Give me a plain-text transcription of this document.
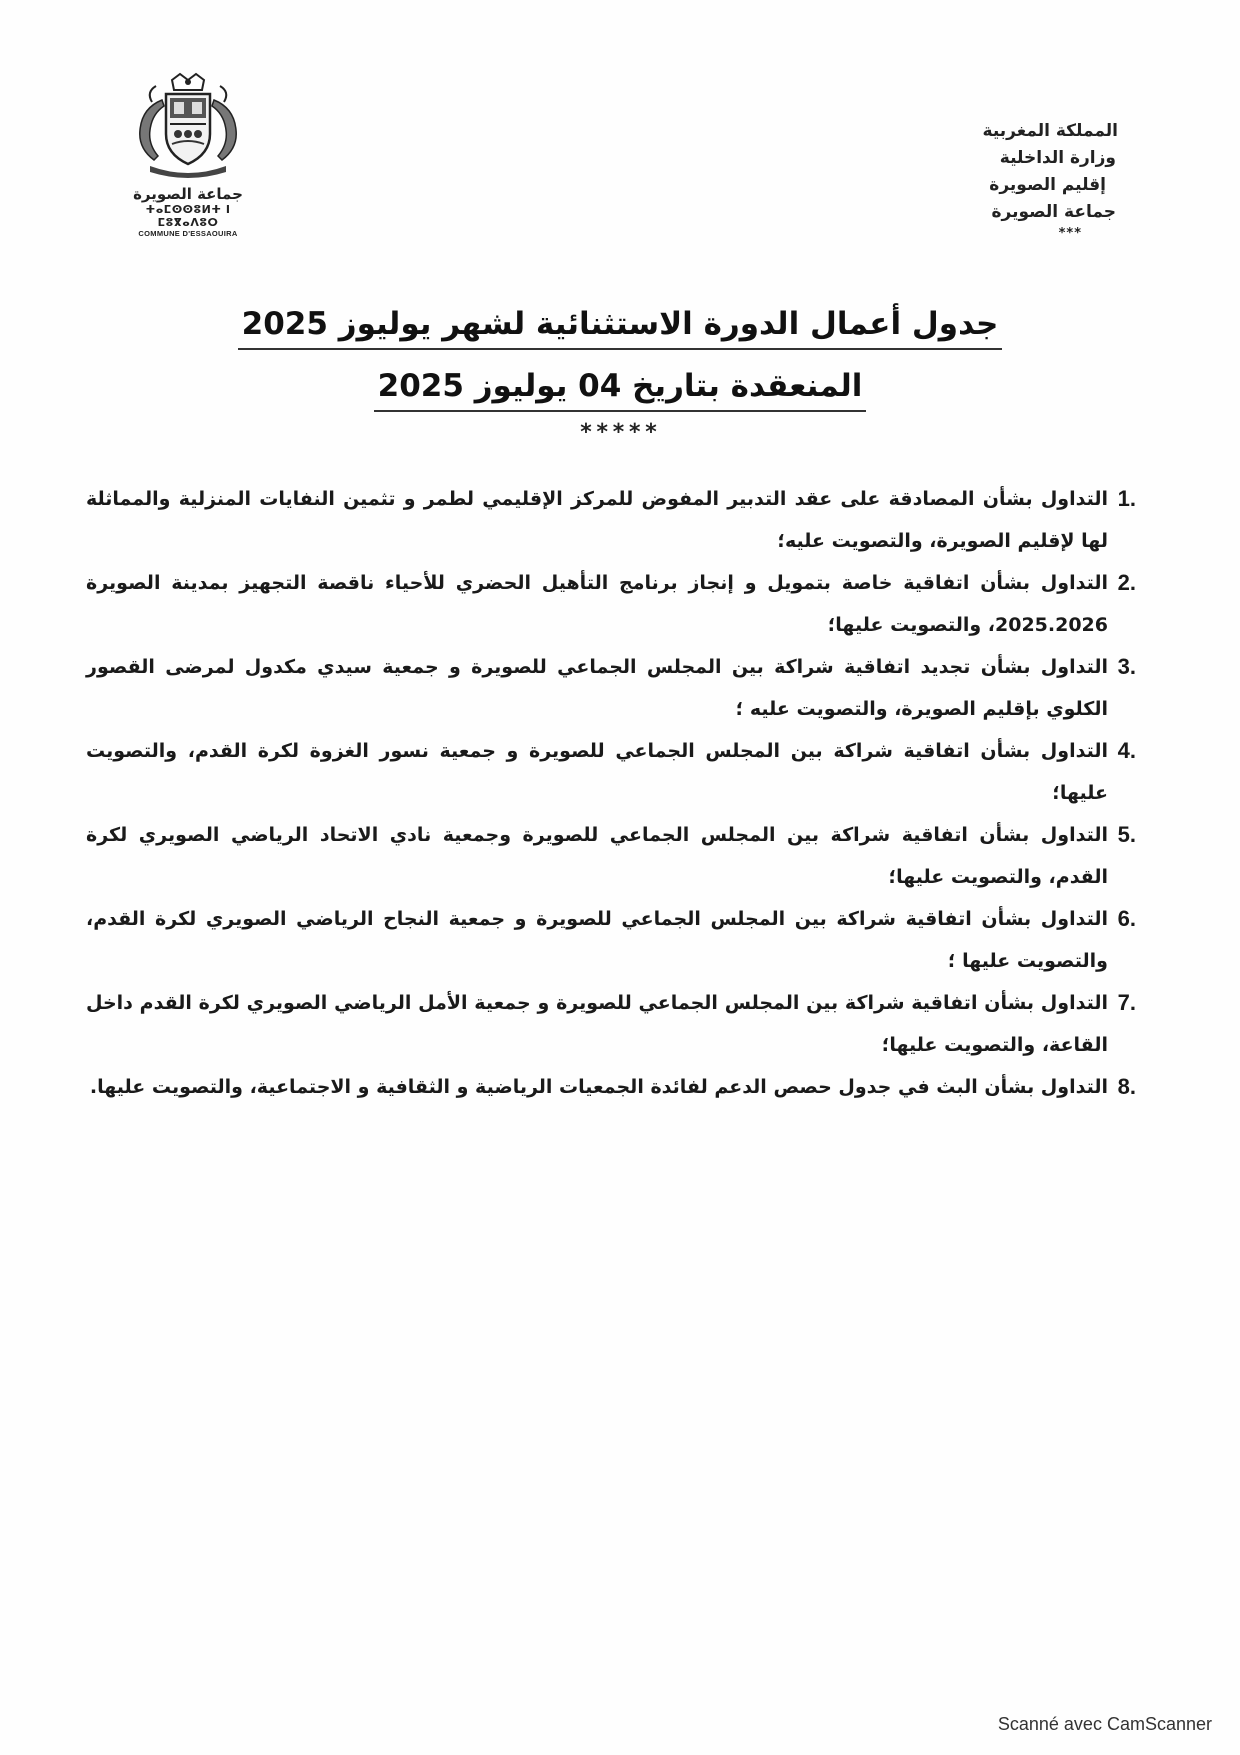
جماعة الصويرة
ⵜⴰⵎⵙⵙⵓⵍⵜ ⵏ ⵎⵓⴳⴰⴷⵓⵔ
COMMUNE D'ESSAOUIRA
المملكة المغربية
وزارة الداخلية
إقليم الصويرة
جماعة الصويرة
***
جدول أعمال الدورة الاستثنائية لشهر يوليوز 2025
المنعقدة بتاريخ 04 يوليوز 2025
*****
1.
التداول بشأن المصادقة على عقد التدبير المفوض للمركز الإقليمي لطمر و تثمين النفايات المنزلية والمماثلة لها لإقليم الصويرة، والتصويت عليه؛
2.
التداول بشأن اتفاقية خاصة بتمويل و إنجاز برنامج التأهيل الحضري للأحياء ناقصة التجهيز بمدينة الصويرة 2025.2026، والتصويت عليها؛
3.
التداول بشأن تجديد اتفاقية شراكة بين المجلس الجماعي للصويرة و جمعية سيدي مكدول لمرضى القصور الكلوي بإقليم الصويرة، والتصويت عليه ؛
4.
التداول بشأن اتفاقية شراكة بين المجلس الجماعي للصويرة و جمعية نسور الغزوة لكرة القدم، والتصويت عليها؛
5.
التداول بشأن اتفاقية شراكة بين المجلس الجماعي للصويرة وجمعية نادي الاتحاد الرياضي الصويري لكرة القدم، والتصويت عليها؛
6.
التداول بشأن اتفاقية شراكة بين المجلس الجماعي للصويرة و جمعية النجاح الرياضي الصويري لكرة القدم، والتصويت عليها ؛
7.
التداول بشأن اتفاقية شراكة بين المجلس الجماعي للصويرة و جمعية الأمل الرياضي الصويري لكرة القدم داخل القاعة، والتصويت عليها؛
8.
التداول بشأن البث في جدول حصص الدعم لفائدة الجمعيات الرياضية و الثقافية و الاجتماعية، والتصويت عليها.
Scanné avec CamScanner
